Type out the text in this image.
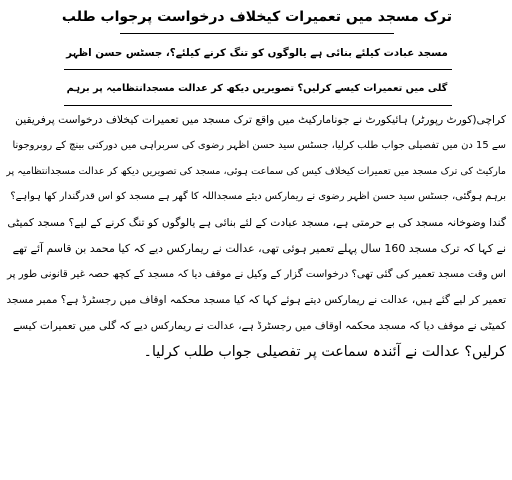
ترک مسجد میں تعمیرات کیخلاف درخواست پرجواب طلب
مسجد عبادت کیلئے بنائی ہے یالوگوں کو تنگ کرنے کیلئے؟، جسٹس حسن اظہر
گلی میں تعمیرات کیسے کرلیں؟ تصویریں دیکھ کر عدالت مسجدانتظامیہ پر برہم
کراچی(کورٹ رپورٹر) ہائیکورٹ نے جونامارکیٹ میں واقع ترک مسجد میں تعمیرات کیخلاف درخواست پرفریقین
سے 15 دن میں تفصیلی جواب طلب کرلیا، جسٹس سید حسن اظہر رضوی کی سربراہی میں دورکنی بینچ کے روبروجونا
مارکیٹ کی ترک مسجد میں تعمیرات کیخلاف کیس کی سماعت ہوئی، مسجد کی تصویریں دیکھ کر عدالت مسجدانتظامیہ پر
برہم ہوگئی، جسٹس سید حسن اظہر رضوی نے ریمارکس دیئے مسجداللہ کا گھر ہے مسجد کو اس قدرگندار کھا ہواہے؟
گندا وضوخانہ مسجد کی بے حرمتی ہے، مسجد عبادت کے لئے بنائی ہے یالوگوں کو تنگ کرنے کے لیے؟ مسجد کمیٹی
نے کہا کہ ترک مسجد 160 سال پہلے تعمیر ہوئی تھی، عدالت نے ریمارکس دیے کہ کیا محمد بن قاسم آئے تھے
اس وقت مسجد تعمیر کی گئی تھی؟ درخواست گزار کے وکیل نے موقف دیا کہ مسجد کے کچھ حصہ غیر قانونی طور پر
تعمیر کر لیے گئے ہیں، عدالت نے ریمارکس دیتے ہوئے کہا کہ کیا مسجد محکمہ اوقاف میں رجسٹرڈ ہے؟ ممبر مسجد
کمیٹی نے موقف دیا کہ مسجد محکمہ اوقاف میں رجسٹرڈ ہے، عدالت نے ریمارکس دیے کہ گلی میں تعمیرات کیسے
کرلیں؟ عدالت نے آئندہ سماعت پر تفصیلی جواب طلب کرلیا۔
